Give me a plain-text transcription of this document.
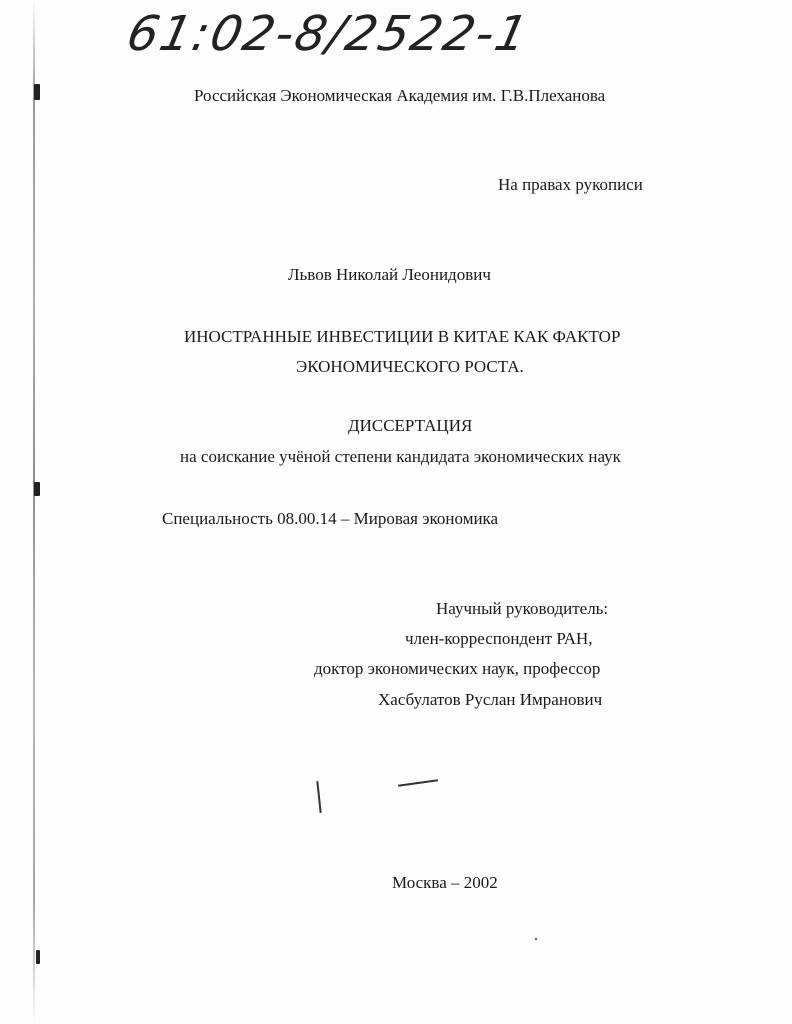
61:02-8/2522-1
Российская Экономическая Академия им. Г.В.Плеханова
На правах рукописи
Львов Николай Леонидович
ИНОСТРАННЫЕ ИНВЕСТИЦИИ В КИТАЕ КАК ФАКТОР
ЭКОНОМИЧЕСКОГО РОСТА.
ДИССЕРТАЦИЯ
на соискание учёной степени кандидата экономических наук
Специальность 08.00.14 – Мировая экономика
Научный руководитель:
член-корреспондент РАН,
доктор экономических наук, профессор
Хасбулатов Руслан Имранович
Москва – 2002
